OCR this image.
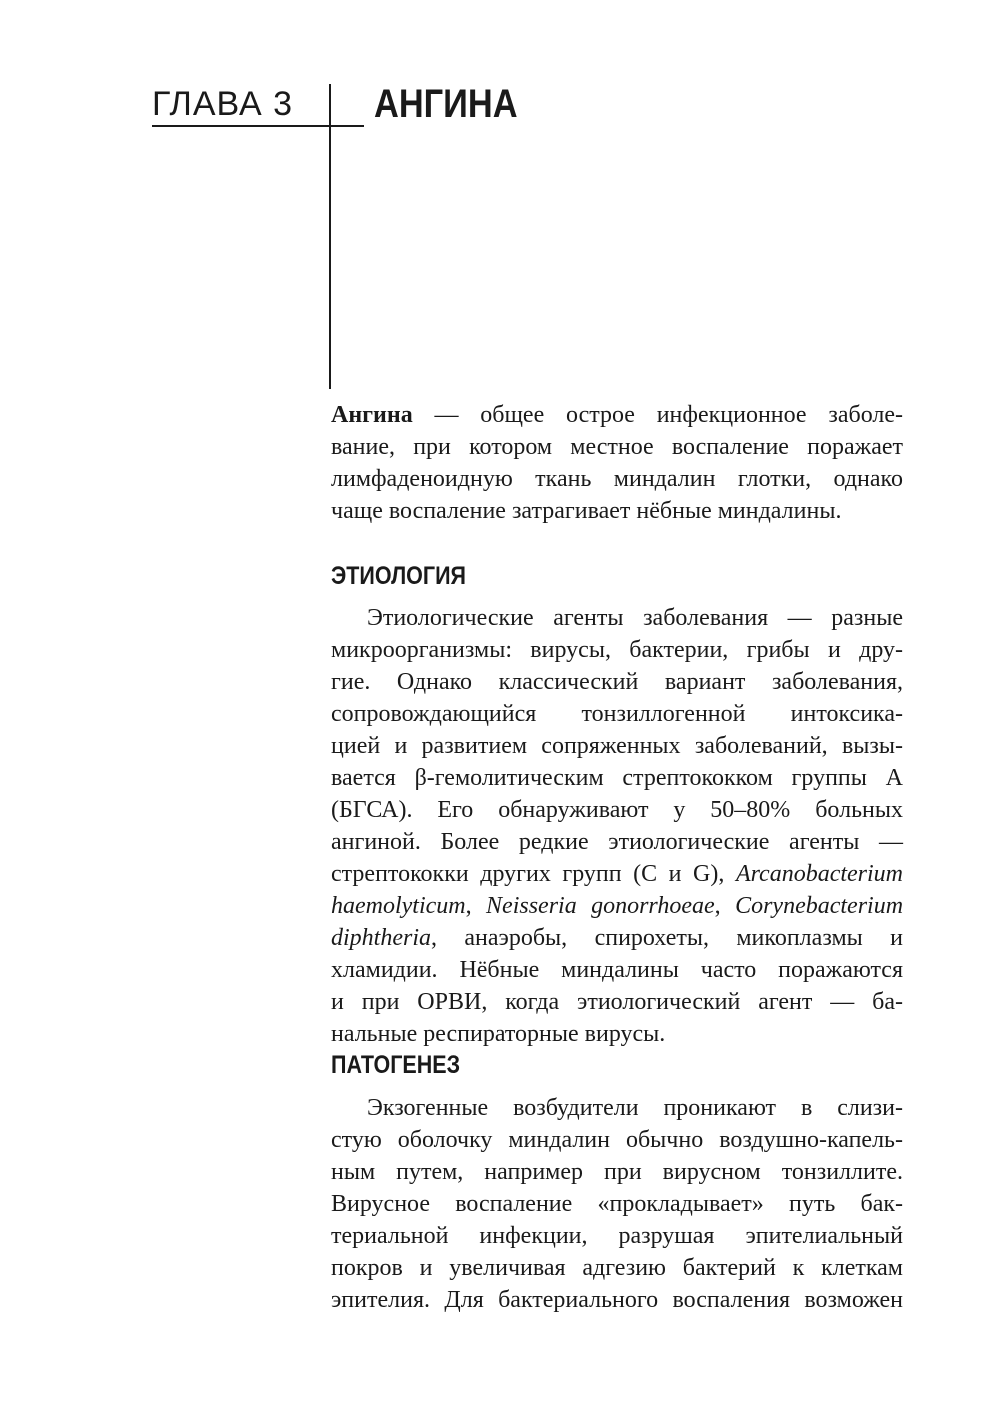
ГЛАВА 3	АНГИНА
Ангина — общее острое инфекционное заболе-
вание, при котором местное воспаление поражает
лимфаденоидную ткань миндалин глотки, однако
чаще воспаление затрагивает нёбные миндалины.
ЭТИОЛОГИЯ
Этиологические агенты заболевания — разные
микроорганизмы: вирусы, бактерии, грибы и дру-
гие. Однако классический вариант заболевания,
сопровождающийся тонзиллогенной интоксика-
цией и развитием сопряженных заболеваний, вызы-
вается β-гемолитическим стрептококком группы А
(БГСА). Его обнаруживают у 50–80% больных
ангиной. Более редкие этиологические агенты —
стрептококки других групп (C и G), Arcanobacterium
haemolyticum, Neisseria gonorrhoeae, Corynebacterium
diphtheria, анаэробы, спирохеты, микоплазмы и
хламидии. Нёбные миндалины часто поражаются
и при ОРВИ, когда этиологический агент — ба-
нальные респираторные вирусы.
ПАТОГЕНЕЗ
Экзогенные возбудители проникают в слизи-
стую оболочку миндалин обычно воздушно-капель-
ным путем, например при вирусном тонзиллите.
Вирусное воспаление «прокладывает» путь бак-
териальной инфекции, разрушая эпителиальный
покров и увеличивая адгезию бактерий к клеткам
эпителия. Для бактериального воспаления возможен
